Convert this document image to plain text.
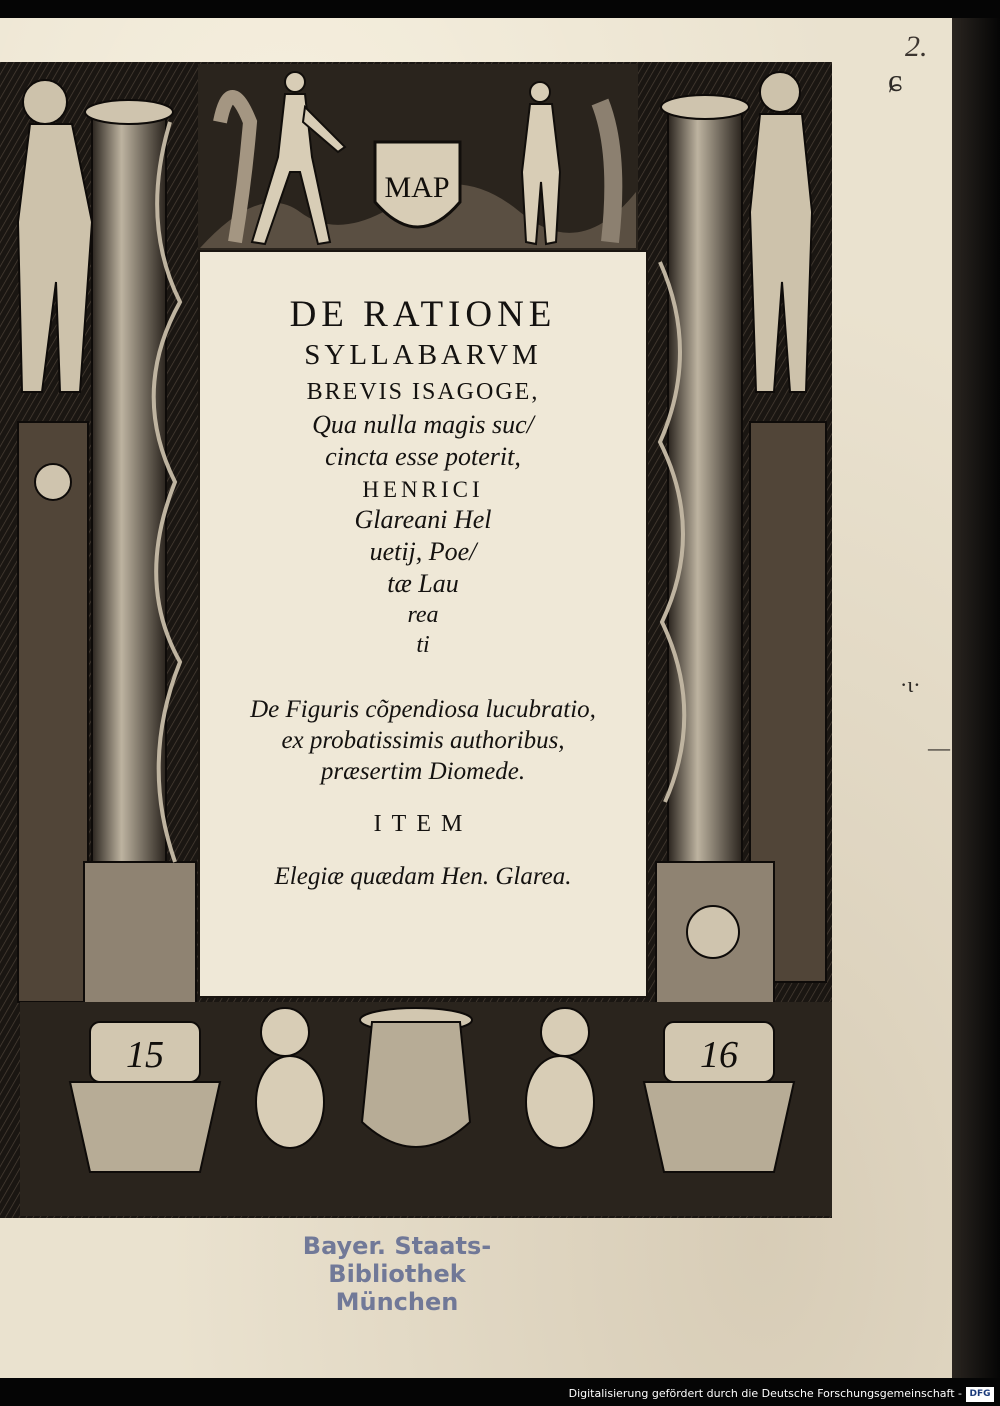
2.
ɕ
·ɩ·
—
MAP
15	16
DE RATIONE
SYLLABARVM
BREVIS ISAGOGE,
Qua nulla magis suc/
cincta esse poterit,
HENRICI
Glareani Hel
uetij, Poe/
tæ Lau
rea
ti
De Figuris cõpendiosa lucubratio,
ex probatissimis authoribus,
præsertim Diomede.
ITEM
Elegiæ quædam Hen. Glarea.
Bayer. Staats-
Bibliothek
München
Digitalisierung gefördert durch die Deutsche Forschungsgemeinschaft - DFG
